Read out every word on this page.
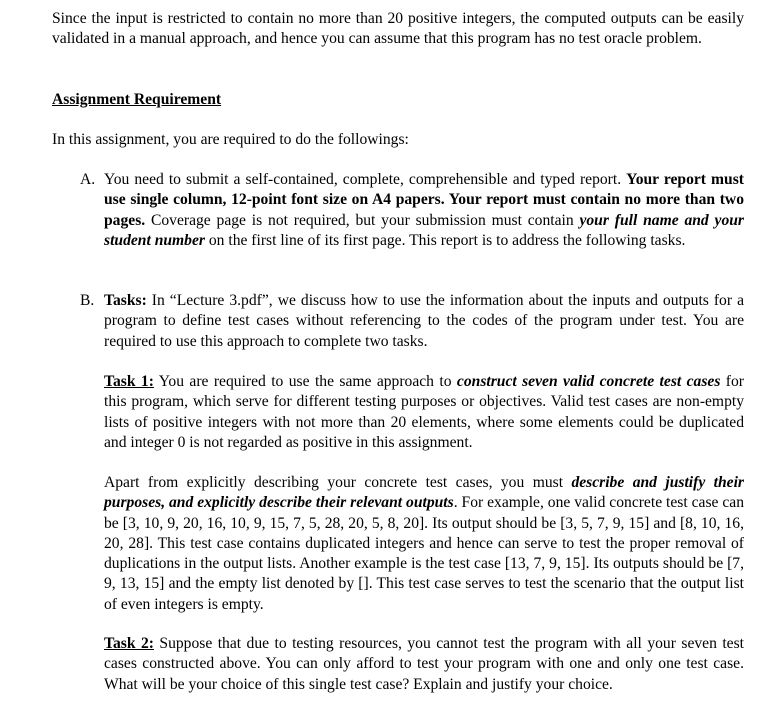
Since the input is restricted to contain no more than 20 positive integers, the computed outputs can be easily validated in a manual approach, and hence you can assume that this program has no test oracle problem.
Assignment Requirement
In this assignment, you are required to do the followings:
A. You need to submit a self-contained, complete, comprehensible and typed report. Your report must use single column, 12-point font size on A4 papers. Your report must contain no more than two pages. Coverage page is not required, but your submission must contain your full name and your student number on the first line of its first page. This report is to address the following tasks.
B. Tasks: In “Lecture 3.pdf”, we discuss how to use the information about the inputs and outputs for a program to define test cases without referencing to the codes of the program under test. You are required to use this approach to complete two tasks.
Task 1: You are required to use the same approach to construct seven valid concrete test cases for this program, which serve for different testing purposes or objectives. Valid test cases are non-empty lists of positive integers with not more than 20 elements, where some elements could be duplicated and integer 0 is not regarded as positive in this assignment.
Apart from explicitly describing your concrete test cases, you must describe and justify their purposes, and explicitly describe their relevant outputs. For example, one valid concrete test case can be [3, 10, 9, 20, 16, 10, 9, 15, 7, 5, 28, 20, 5, 8, 20]. Its output should be [3, 5, 7, 9, 15] and [8, 10, 16, 20, 28]. This test case contains duplicated integers and hence can serve to test the proper removal of duplications in the output lists. Another example is the test case [13, 7, 9, 15]. Its outputs should be [7, 9, 13, 15] and the empty list denoted by []. This test case serves to test the scenario that the output list of even integers is empty.
Task 2: Suppose that due to testing resources, you cannot test the program with all your seven test cases constructed above. You can only afford to test your program with one and only one test case. What will be your choice of this single test case? Explain and justify your choice.
